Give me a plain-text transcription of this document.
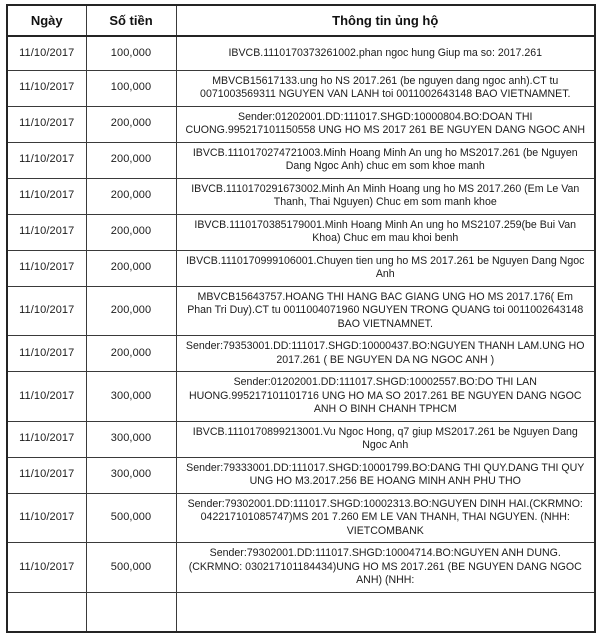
Ngày	Số tiền	Thông tin ủng hộ
11/10/2017	100,000	IBVCB.1110170373261002.phan ngoc hung Giup ma so: 2017.261
11/10/2017	100,000	MBVCB15617133.ung ho NS 2017.261 (be nguyen dang ngoc anh).CT tu 0071003569311 NGUYEN VAN LANH toi 0011002643148 BAO VIETNAMNET.
11/10/2017	200,000	Sender:01202001.DD:111017.SHGD:10000804.BO:DOAN THI CUONG.995217101150558 UNG HO MS 2017 261 BE NGUYEN DANG NGOC ANH
11/10/2017	200,000	IBVCB.1110170274721003.Minh Hoang Minh An ung ho MS2017.261 (be Nguyen Dang Ngoc Anh) chuc em som khoe manh
11/10/2017	200,000	IBVCB.1110170291673002.Minh An Minh Hoang ung ho MS 2017.260 (Em Le Van Thanh, Thai Nguyen) Chuc em som manh khoe
11/10/2017	200,000	IBVCB.1110170385179001.Minh Hoang Minh An ung ho MS2107.259(be Bui Van Khoa) Chuc em mau khoi benh
11/10/2017	200,000	IBVCB.1110170999106001.Chuyen tien ung ho MS 2017.261 be Nguyen Dang Ngoc Anh
11/10/2017	200,000	MBVCB15643757.HOANG THI HANG BAC GIANG UNG HO MS 2017.176( Em Phan Tri Duy).CT tu 0011004071960 NGUYEN TRONG QUANG toi 0011002643148 BAO VIETNAMNET.
11/10/2017	200,000	Sender:79353001.DD:111017.SHGD:10000437.BO:NGUYEN THANH LAM.UNG HO 2017.261 ( BE NGUYEN DA NG NGOC ANH )
11/10/2017	300,000	Sender:01202001.DD:111017.SHGD:10002557.BO:DO THI LAN HUONG.995217101101716 UNG HO MA SO 2017.261 BE NGUYEN DANG NGOC ANH O BINH CHANH TPHCM
11/10/2017	300,000	IBVCB.1110170899213001.Vu Ngoc Hong, q7 giup MS2017.261 be Nguyen Dang Ngoc Anh
11/10/2017	300,000	Sender:79333001.DD:111017.SHGD:10001799.BO:DANG THI QUY.DANG THI QUY UNG HO M3.2017.256 BE HOANG MINH ANH PHU THO
11/10/2017	500,000	Sender:79302001.DD:111017.SHGD:10002313.BO:NGUYEN DINH HAI.(CKRMNO: 042217101085747)MS 201 7.260 EM LE VAN THANH, THAI NGUYEN. (NHH: VIETCOMBANK
11/10/2017	500,000	Sender:79302001.DD:111017.SHGD:10004714.BO:NGUYEN ANH DUNG.(CKRMNO: 030217101184434)UNG HO MS 2017.261 (BE NGUYEN DANG NGOC ANH) (NHH:
